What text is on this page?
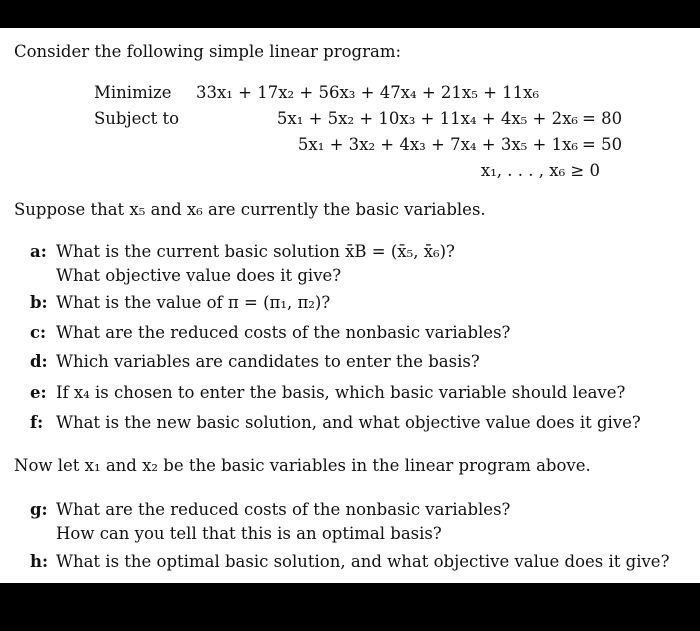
Consider the following simple linear program:
Minimize 33x₁ + 17x₂ + 56x₃ + 47x₄ + 21x₅ + 11x₆
Subject to	5x₁ + 5x₂ + 10x₃ + 11x₄ + 4x₅ + 2x₆ = 80
5x₁ + 3x₂ + 4x₃ + 7x₄ + 3x₅ + 1x₆ = 50
x₁, . . . , x₆ ≥ 0
Suppose that x₅ and x₆ are currently the basic variables.
a: What is the current basic solution x̄B = (x̄₅, x̄₆)?
What objective value does it give?
b: What is the value of π = (π₁, π₂)?
c: What are the reduced costs of the nonbasic variables?
d: Which variables are candidates to enter the basis?
e: If x₄ is chosen to enter the basis, which basic variable should leave?
f: What is the new basic solution, and what objective value does it give?
Now let x₁ and x₂ be the basic variables in the linear program above.
g: What are the reduced costs of the nonbasic variables?
How can you tell that this is an optimal basis?
h: What is the optimal basic solution, and what objective value does it give?
